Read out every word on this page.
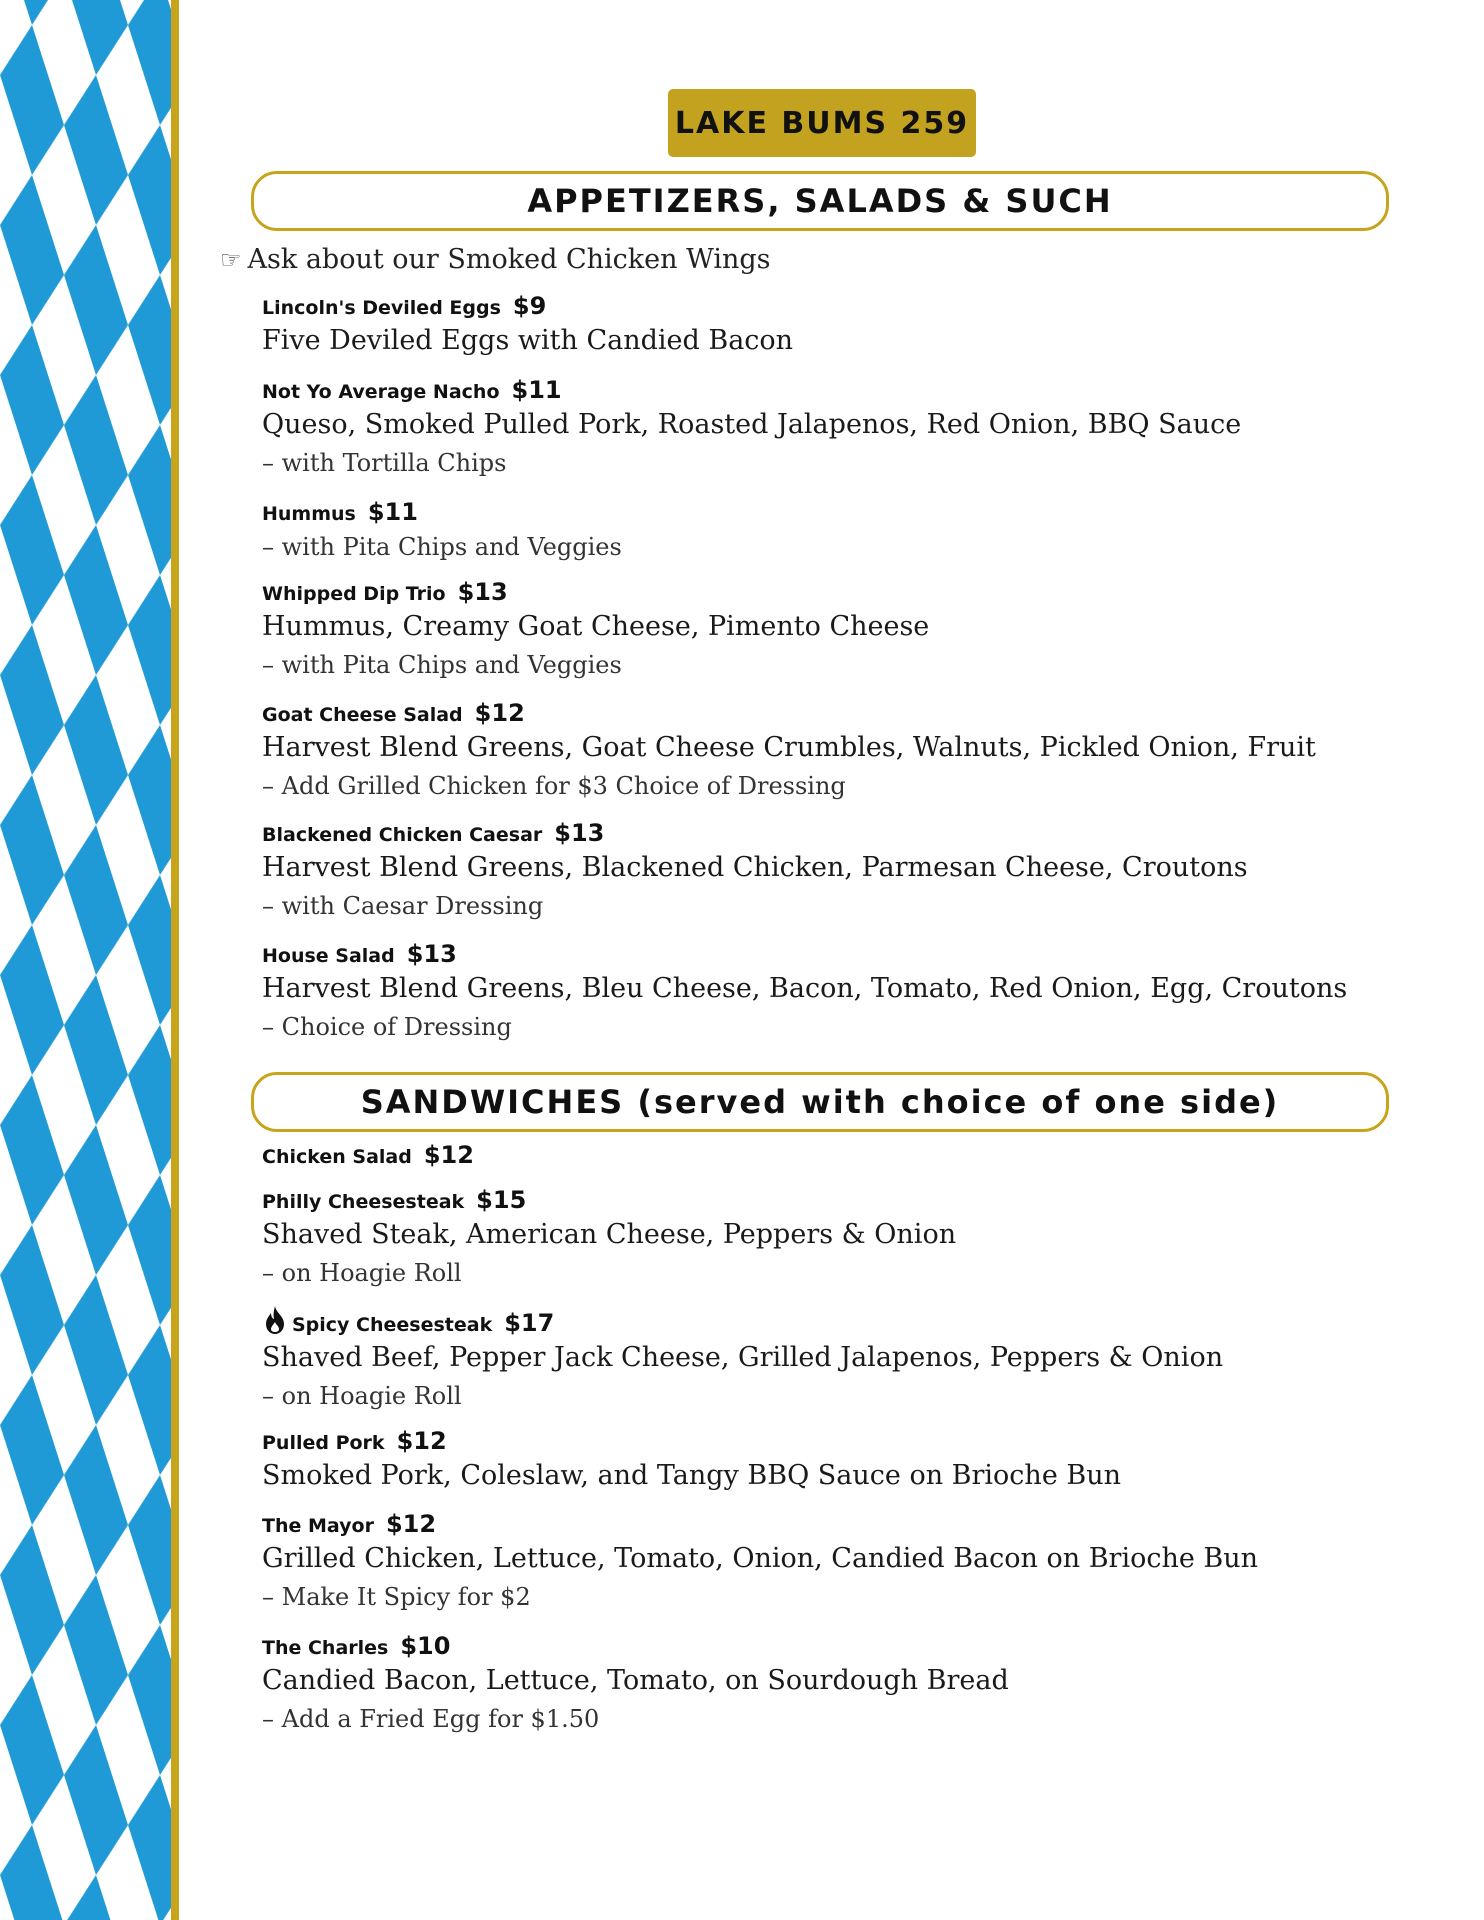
LAKE BUMS 259
APPETIZERS, SALADS & SUCH
☞ Ask about our Smoked Chicken Wings
Lincoln's Deviled Eggs $9
Five Deviled Eggs with Candied Bacon
Not Yo Average Nacho $11
Queso, Smoked Pulled Pork, Roasted Jalapenos, Red Onion, BBQ Sauce
– with Tortilla Chips
Hummus $11
– with Pita Chips and Veggies
Whipped Dip Trio $13
Hummus, Creamy Goat Cheese, Pimento Cheese
– with Pita Chips and Veggies
Goat Cheese Salad $12
Harvest Blend Greens, Goat Cheese Crumbles, Walnuts, Pickled Onion, Fruit
– Add Grilled Chicken for $3 Choice of Dressing
Blackened Chicken Caesar $13
Harvest Blend Greens, Blackened Chicken, Parmesan Cheese, Croutons
– with Caesar Dressing
House Salad $13
Harvest Blend Greens, Bleu Cheese, Bacon, Tomato, Red Onion, Egg, Croutons
– Choice of Dressing
SANDWICHES (served with choice of one side)
Chicken Salad $12
Philly Cheesesteak $15
Shaved Steak, American Cheese, Peppers & Onion
– on Hoagie Roll
Spicy Cheesesteak $17
Shaved Beef, Pepper Jack Cheese, Grilled Jalapenos, Peppers & Onion
– on Hoagie Roll
Pulled Pork $12
Smoked Pork, Coleslaw, and Tangy BBQ Sauce on Brioche Bun
The Mayor $12
Grilled Chicken, Lettuce, Tomato, Onion, Candied Bacon on Brioche Bun
– Make It Spicy for $2
The Charles $10
Candied Bacon, Lettuce, Tomato, on Sourdough Bread
– Add a Fried Egg for $1.50
